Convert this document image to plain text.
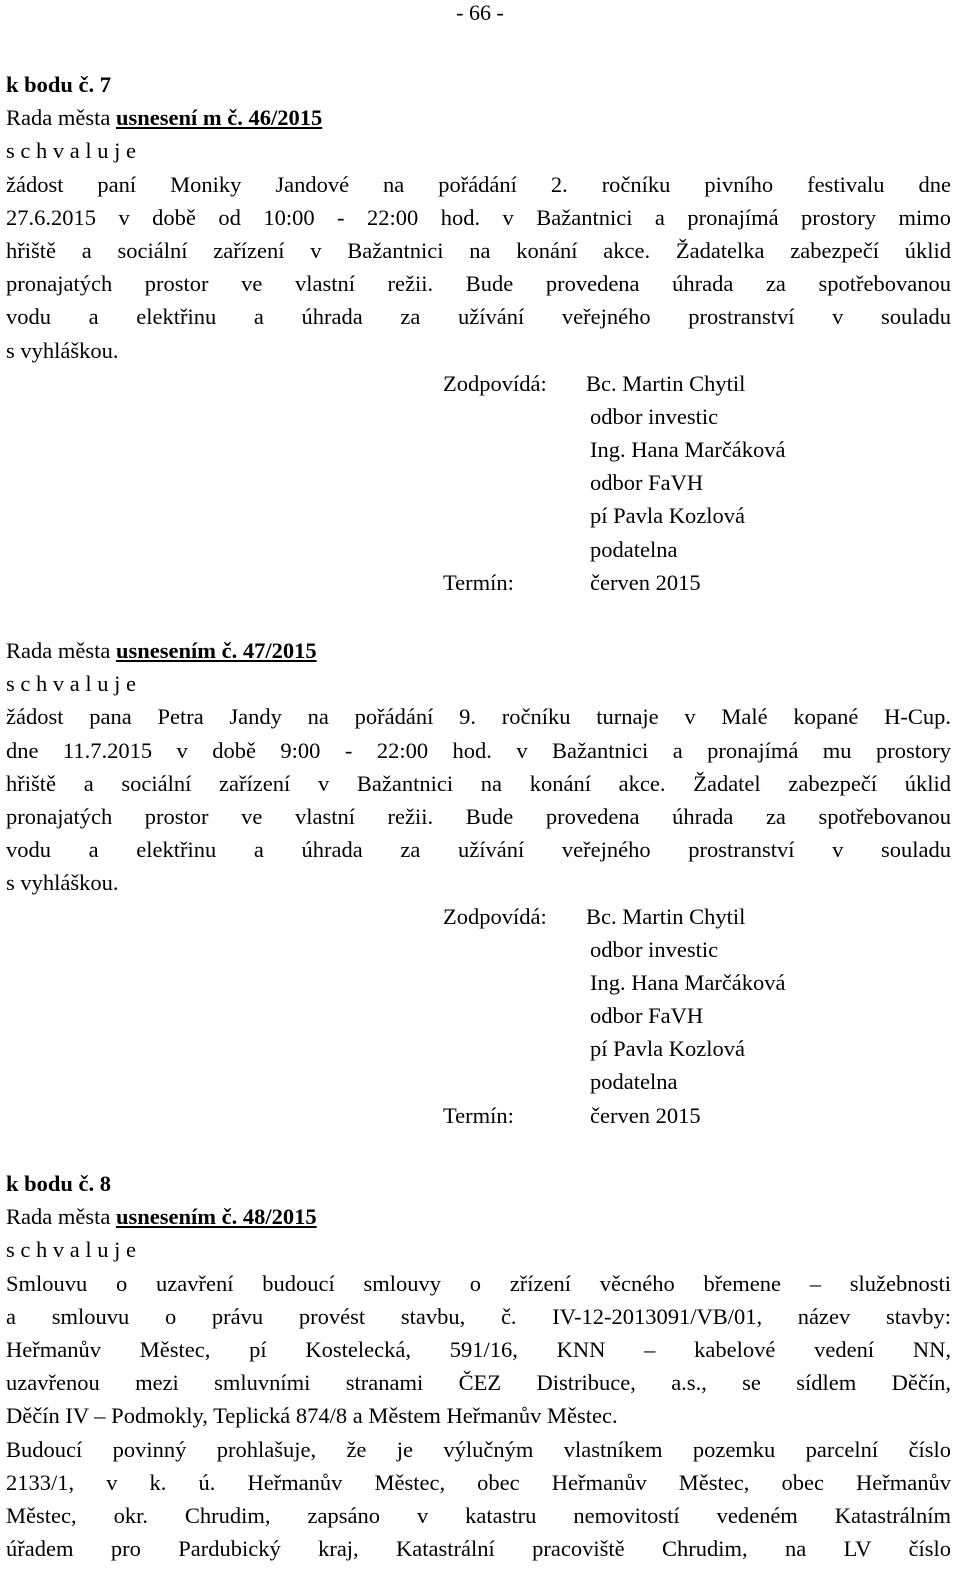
- 66 -
k bodu č. 7
Rada města usnesení m č. 46/2015
s c h v a l u j e
žádost paní Moniky Jandové na pořádání 2. ročníku pivního festivalu dne
27.6.2015 v době od 10:00 - 22:00 hod. v Bažantnici a pronajímá prostory mimo
hřiště a sociální zařízení v Bažantnici na konání akce. Žadatelka zabezpečí úklid
pronajatých prostor ve vlastní režii. Bude provedena úhrada za spotřebovanou
vodu a elektřinu a úhrada za užívání veřejného prostranství v souladu
s vyhláškou.
Zodpovídá: Bc. Martin Chytil
odbor investic
Ing. Hana Marčáková
odbor FaVH
pí Pavla Kozlová
podatelna
Termín:	červen 2015
Rada města usnesením č. 47/2015
s c h v a l u j e
žádost pana Petra Jandy na pořádání 9. ročníku turnaje v Malé kopané H-Cup.
dne 11.7.2015 v době 9:00 - 22:00 hod. v Bažantnici a pronajímá mu prostory
hřiště a sociální zařízení v Bažantnici na konání akce. Žadatel zabezpečí úklid
pronajatých prostor ve vlastní režii. Bude provedena úhrada za spotřebovanou
vodu a elektřinu a úhrada za užívání veřejného prostranství v souladu
s vyhláškou.
Zodpovídá: Bc. Martin Chytil
odbor investic
Ing. Hana Marčáková
odbor FaVH
pí Pavla Kozlová
podatelna
Termín:	červen 2015
k bodu č. 8
Rada města usnesením č. 48/2015
s c h v a l u j e
Smlouvu o uzavření budoucí smlouvy o zřízení věcného břemene – služebnosti
a smlouvu o právu provést stavbu, č. IV-12-2013091/VB/01, název stavby:
Heřmanův Městec, pí Kostelecká, 591/16, KNN – kabelové vedení NN,
uzavřenou mezi smluvními stranami ČEZ Distribuce, a.s., se sídlem Děčín,
Děčín IV – Podmokly, Teplická 874/8 a Městem Heřmanův Městec.
Budoucí povinný prohlašuje, že je výlučným vlastníkem pozemku parcelní číslo
2133/1, v k. ú. Heřmanův Městec, obec Heřmanův Městec, obec Heřmanův
Městec, okr. Chrudim, zapsáno v katastru nemovitostí vedeném Katastrálním
úřadem pro Pardubický kraj, Katastrální pracoviště Chrudim, na LV číslo
